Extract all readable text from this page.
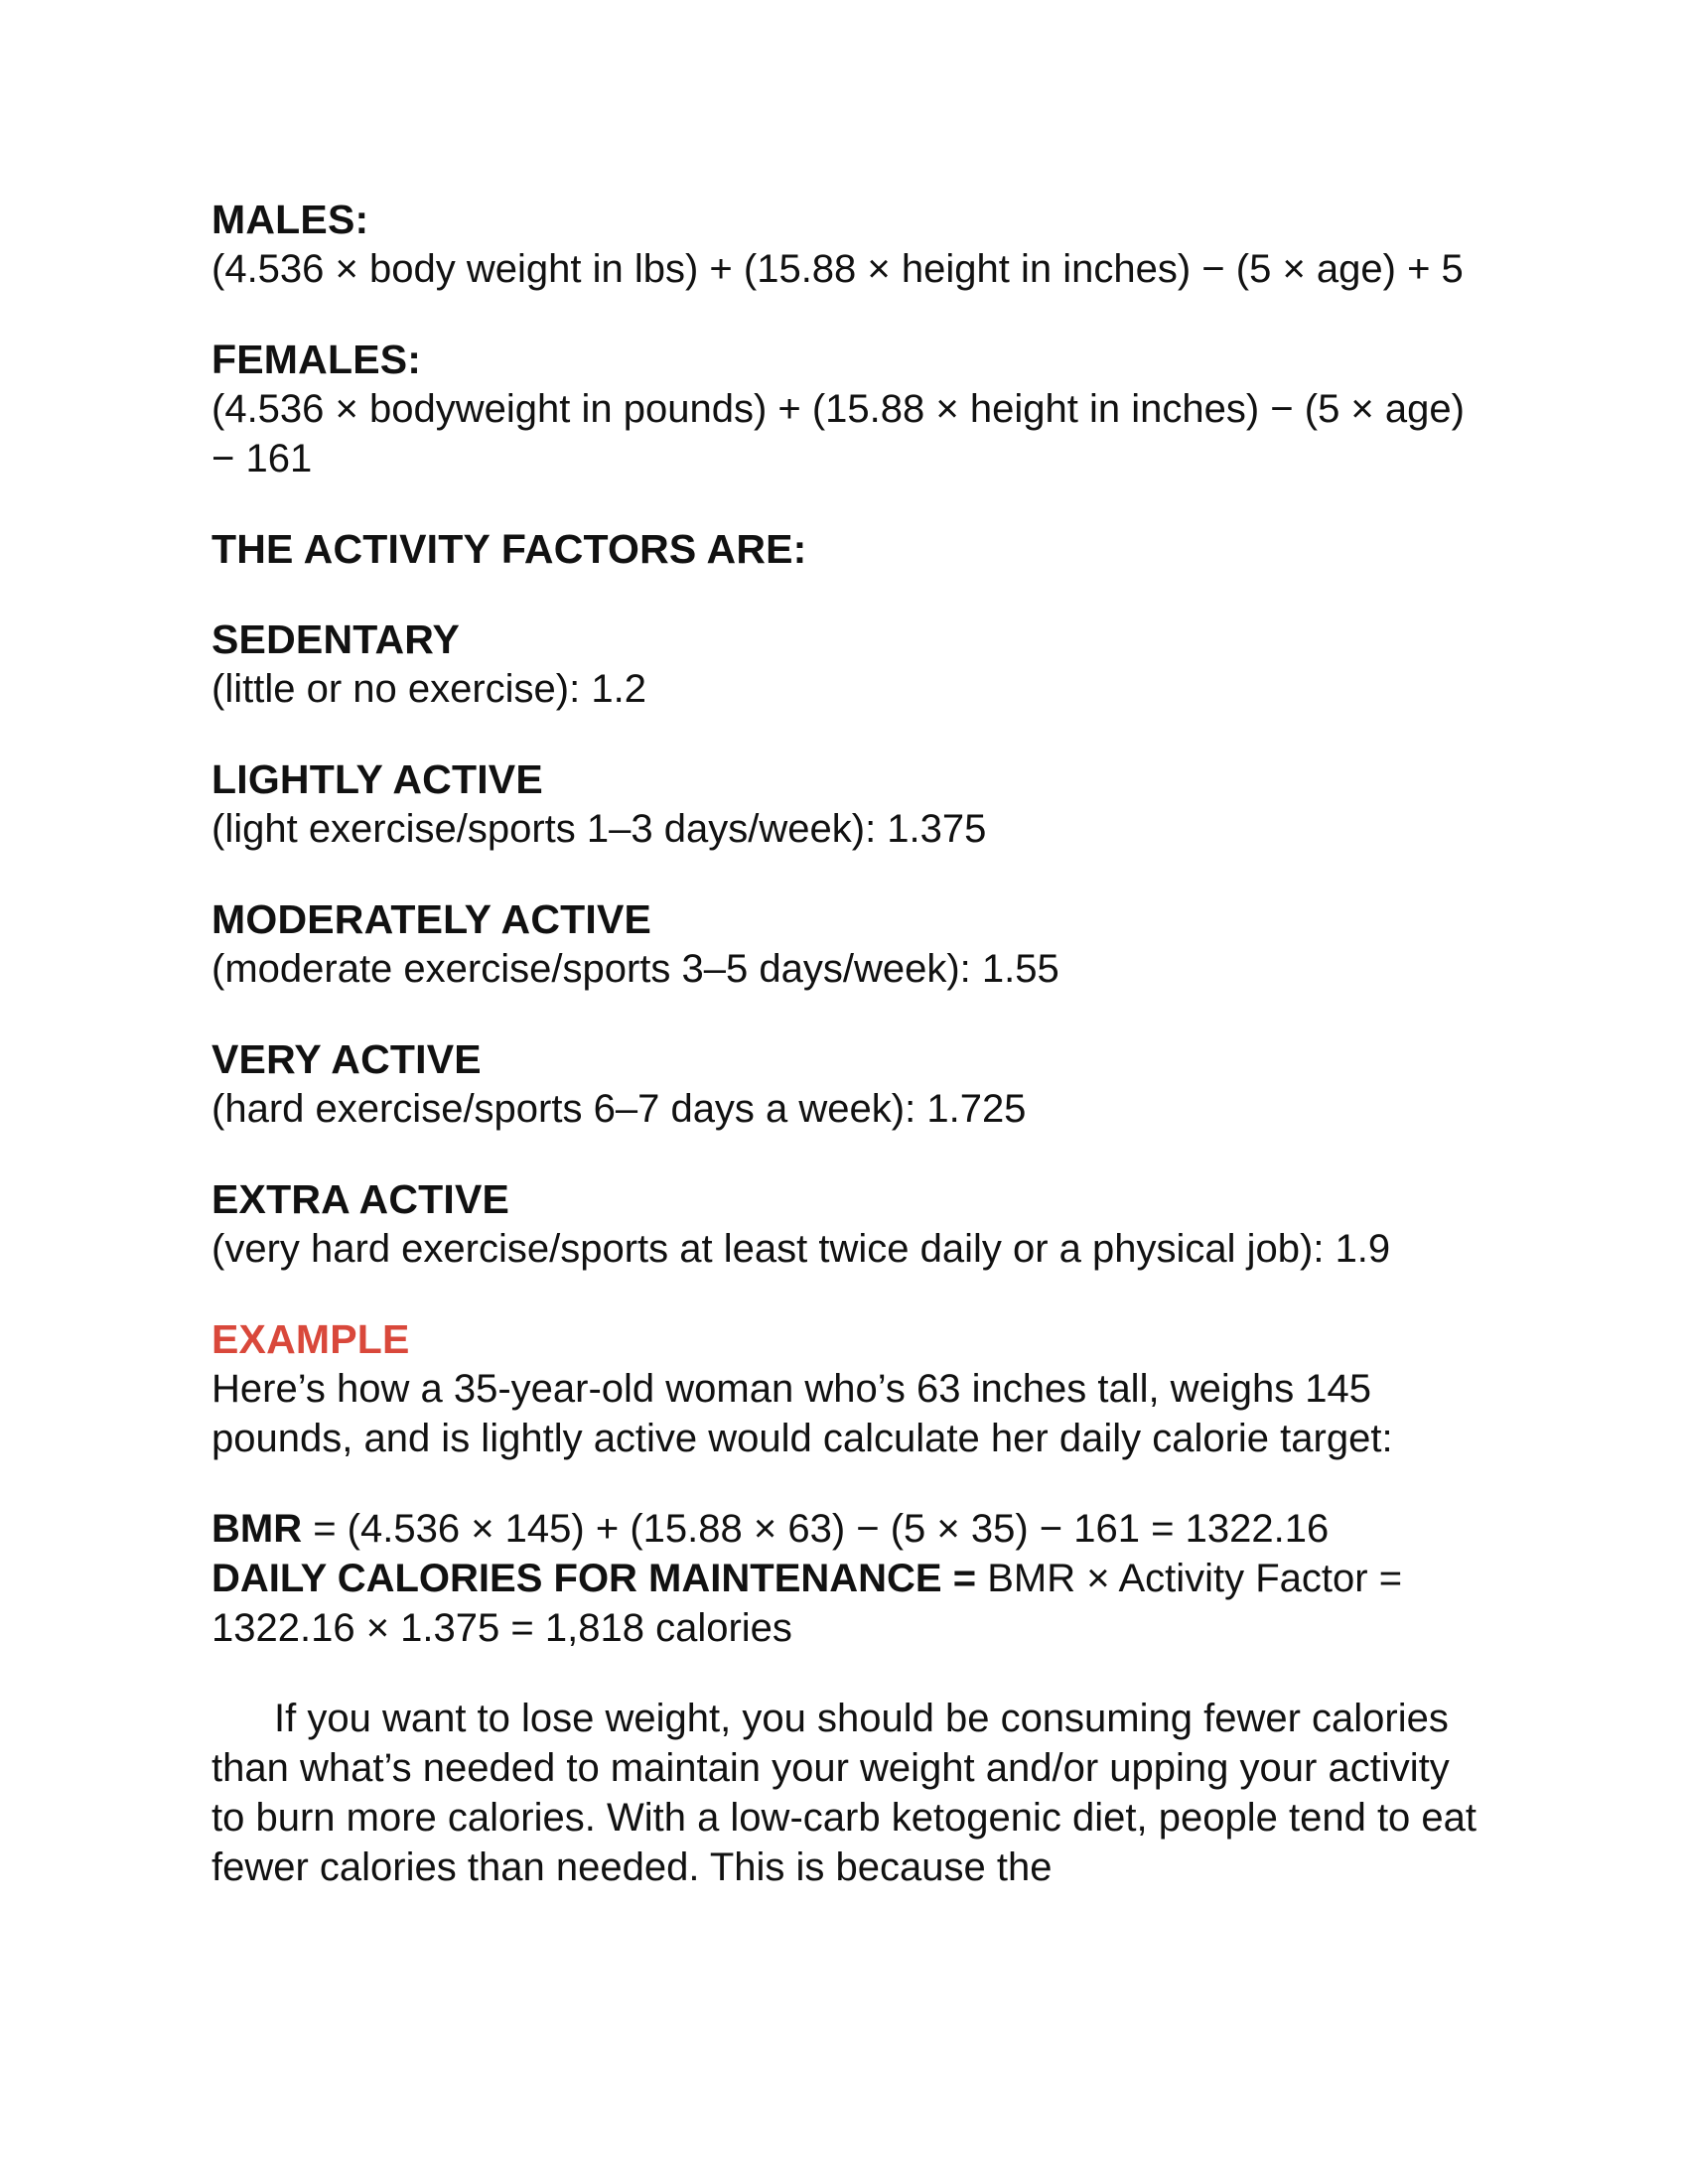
MALES:
(4.536 × body weight in lbs) + (15.88 × height in inches) − (5 × age) + 5
FEMALES:
(4.536 × bodyweight in pounds) + (15.88 × height in inches) − (5 × age) − 161
THE ACTIVITY FACTORS ARE:
SEDENTARY
(little or no exercise): 1.2
LIGHTLY ACTIVE
(light exercise/sports 1–3 days/week): 1.375
MODERATELY ACTIVE
(moderate exercise/sports 3–5 days/week): 1.55
VERY ACTIVE
(hard exercise/sports 6–7 days a week): 1.725
EXTRA ACTIVE
(very hard exercise/sports at least twice daily or a physical job): 1.9
EXAMPLE
Here’s how a 35-year-old woman who’s 63 inches tall, weighs 145 pounds, and is lightly active would calculate her daily calorie target:

BMR = (4.536 × 145) + (15.88 × 63) − (5 × 35) − 161 = 1322.16

DAILY CALORIES FOR MAINTENANCE = BMR × Activity Factor = 1322.16 × 1.375 = 1,818 calories

If you want to lose weight, you should be consuming fewer calories than what’s needed to maintain your weight and/or upping your activity to burn more calories. With a low-carb ketogenic diet, people tend to eat fewer calories than needed. This is because the
